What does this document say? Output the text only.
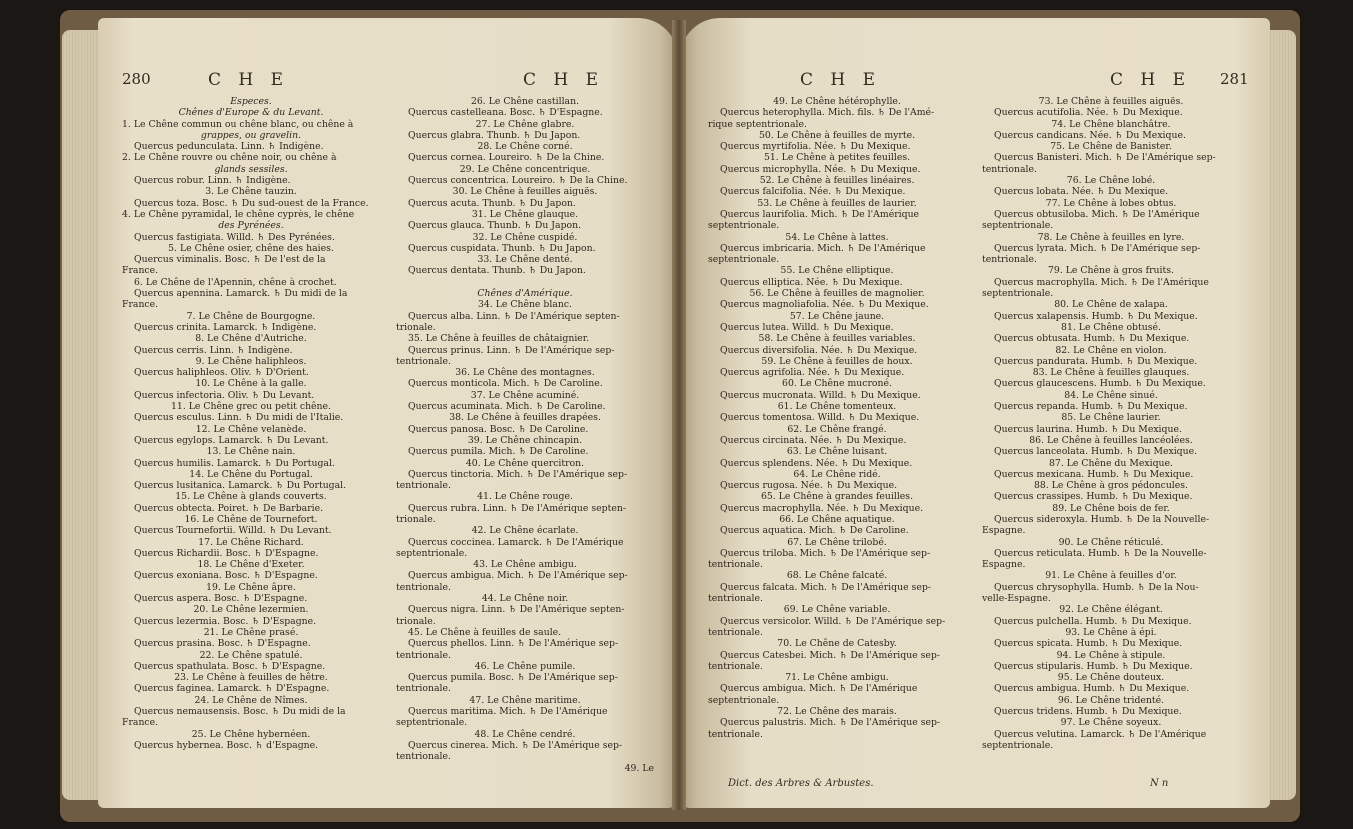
280	C H E	C H E

Especes.

Chênes d'Europe & du Levant.

1. Le Chêne commun ou chêne blanc, ou chêne à

grappes, ou gravelin.

Quercus pedunculata. Linn. ♄ Indigène.

2. Le Chêne rouvre ou chêne noir, ou chêne à

glands sessiles.

Quercus robur. Linn. ♄ Indigène.

3. Le Chêne tauzin.

Quercus toza. Bosc. ♄ Du sud-ouest de la France.

4. Le Chêne pyramidal, le chêne cyprès, le chêne

des Pyrénées.

Quercus fastigiata. Willd. ♄ Des Pyrénées.

5. Le Chêne osier, chêne des haies.

Quercus viminalis. Bosc. ♄ De l'est de la

France.

6. Le Chêne de l'Apennin, chêne à crochet.

Quercus apennina. Lamarck. ♄ Du midi de la

France.

7. Le Chêne de Bourgogne.

Quercus crinita. Lamarck. ♄ Indigène.

8. Le Chêne d'Autriche.

Quercus cerris. Linn. ♄ Indigène.

9. Le Chêne haliphleos.

Quercus haliphleos. Oliv. ♄ D'Orient.

10. Le Chêne à la galle.

Quercus infectoria. Oliv. ♄ Du Levant.

11. Le Chêne grec ou petit chêne.

Quercus esculus. Linn. ♄ Du midi de l'Italie.

12. Le Chêne velanède.

Quercus egylops. Lamarck. ♄ Du Levant.

13. Le Chêne nain.

Quercus humilis. Lamarck. ♄ Du Portugal.

14. Le Chêne du Portugal.

Quercus lusitanica. Lamarck. ♄ Du Portugal.

15. Le Chêne à glands couverts.

Quercus obtecta. Poiret. ♄ De Barbarie.

16. Le Chêne de Tournefort.

Quercus Tournefortii. Willd. ♄ Du Levant.

17. Le Chêne Richard.

Quercus Richardii. Bosc. ♄ D'Espagne.

18. Le Chêne d'Exeter.

Quercus exoniana. Bosc. ♄ D'Espagne.

19. Le Chêne âpre.

Quercus aspera. Bosc. ♄ D'Espagne.

20. Le Chêne lezermien.

Quercus lezermia. Bosc. ♄ D'Espagne.

21. Le Chêne prasé.

Quercus prasina. Bosc. ♄ D'Espagne.

22. Le Chêne spatulé.

Quercus spathulata. Bosc. ♄ D'Espagne.

23. Le Chêne à feuilles de hêtre.

Quercus faginea. Lamarck. ♄ D'Espagne.

24. Le Chêne de Nîmes.

Quercus nemausensis. Bosc. ♄ Du midi de la

France.

25. Le Chêne hybernéen.

Quercus hybernea. Bosc. ♄ d'Espagne.

26. Le Chêne castillan.

Quercus castelleana. Bosc. ♄ D'Espagne.

27. Le Chêne glabre.

Quercus glabra. Thunb. ♄ Du Japon.

28. Le Chêne corné.

Quercus cornea. Loureiro. ♄ De la Chine.

29. Le Chêne concentrique.

Quercus concentrica. Loureiro. ♄ De la Chine.

30. Le Chêne à feuilles aiguës.

Quercus acuta. Thunb. ♄ Du Japon.

31. Le Chêne glauque.

Quercus glauca. Thunb. ♄ Du Japon.

32. Le Chêne cuspidé.

Quercus cuspidata. Thunb. ♄ Du Japon.

33. Le Chêne denté.

Quercus dentata. Thunb. ♄ Du Japon.

Chênes d'Amérique.

34. Le Chêne blanc.

Quercus alba. Linn. ♄ De l'Amérique septen-

trionale.

35. Le Chêne à feuilles de châtaignier.

Quercus prinus. Linn. ♄ De l'Amérique sep-

tentrionale.

36. Le Chêne des montagnes.

Quercus monticola. Mich. ♄ De Caroline.

37. Le Chêne acuminé.

Quercus acuminata. Mich. ♄ De Caroline.

38. Le Chêne à feuilles drapées.

Quercus panosa. Bosc. ♄ De Caroline.

39. Le Chêne chincapin.

Quercus pumila. Mich. ♄ De Caroline.

40. Le Chêne quercitron.

Quercus tinctoria. Mich. ♄ De l'Amérique sep-

tentrionale.

41. Le Chêne rouge.

Quercus rubra. Linn. ♄ De l'Amérique septen-

trionale.

42. Le Chêne écarlate.

Quercus coccinea. Lamarck. ♄ De l'Amérique

septentrionale.

43. Le Chêne ambigu.

Quercus ambigua. Mich. ♄ De l'Amérique sep-

tentrionale.

44. Le Chêne noir.

Quercus nigra. Linn. ♄ De l'Amérique septen-

trionale.

45. Le Chêne à feuilles de saule.

Quercus phellos. Linn. ♄ De l'Amérique sep-

tentrionale.

46. Le Chêne pumile.

Quercus pumila. Bosc. ♄ De l'Amérique sep-

tentrionale.

47. Le Chêne maritime.

Quercus maritima. Mich. ♄ De l'Amérique

septentrionale.

48. Le Chêne cendré.

Quercus cinerea. Mich. ♄ De l'Amérique sep-

tentrionale.

49. Le

C H E	C H E 281

49. Le Chêne hétérophylle.

Quercus heterophylla. Mich. fils. ♄ De l'Amé-

rique septentrionale.

50. Le Chêne à feuilles de myrte.

Quercus myrtifolia. Née. ♄ Du Mexique.

51. Le Chêne à petites feuilles.

Quercus microphylla. Née. ♄ Du Mexique.

52. Le Chêne à feuilles linéaires.

Quercus falcifolia. Née. ♄ Du Mexique.

53. Le Chêne à feuilles de laurier.

Quercus laurifolia. Mich. ♄ De l'Amérique

septentrionale.

54. Le Chêne à lattes.

Quercus imbricaria. Mich. ♄ De l'Amérique

septentrionale.

55. Le Chêne elliptique.

Quercus elliptica. Née. ♄ Du Mexique.

56. Le Chêne à feuilles de magnolier.

Quercus magnoliafolia. Née. ♄ Du Mexique.

57. Le Chêne jaune.

Quercus lutea. Willd. ♄ Du Mexique.

58. Le Chêne à feuilles variables.

Quercus diversifolia. Née. ♄ Du Mexique.

59. Le Chêne à feuilles de houx.

Quercus agrifolia. Née. ♄ Du Mexique.

60. Le Chêne mucroné.

Quercus mucronata. Willd. ♄ Du Mexique.

61. Le Chêne tomenteux.

Quercus tomentosa. Willd. ♄ Du Mexique.

62. Le Chêne frangé.

Quercus circinata. Née. ♄ Du Mexique.

63. Le Chêne luisant.

Quercus splendens. Née. ♄ Du Mexique.

64. Le Chêne ridé.

Quercus rugosa. Née. ♄ Du Mexique.

65. Le Chêne à grandes feuilles.

Quercus macrophylla. Née. ♄ Du Mexique.

66. Le Chêne aquatique.

Quercus aquatica. Mich. ♄ De Caroline.

67. Le Chêne trilobé.

Quercus triloba. Mich. ♄ De l'Amérique sep-

tentrionale.

68. Le Chêne falcaté.

Quercus falcata. Mich. ♄ De l'Amérique sep-

tentrionale.

69. Le Chêne variable.

Quercus versicolor. Willd. ♄ De l'Amérique sep-

tentrionale.

70. Le Chêne de Catesby.

Quercus Catesbei. Mich. ♄ De l'Amérique sep-

tentrionale.

71. Le Chêne ambigu.

Quercus ambigua. Mich. ♄ De l'Amérique

septentrionale.

72. Le Chêne des marais.

Quercus palustris. Mich. ♄ De l'Amérique sep-

tentrionale.

73. Le Chêne à feuilles aiguës.

Quercus acutifolia. Née. ♄ Du Mexique.

74. Le Chêne blanchâtre.

Quercus candicans. Née. ♄ Du Mexique.

75. Le Chêne de Banister.

Quercus Banisteri. Mich. ♄ De l'Amérique sep-

tentrionale.

76. Le Chêne lobé.

Quercus lobata. Née. ♄ Du Mexique.

77. Le Chêne à lobes obtus.

Quercus obtusiloba. Mich. ♄ De l'Amérique

septentrionale.

78. Le Chêne à feuilles en lyre.

Quercus lyrata. Mich. ♄ De l'Amérique sep-

tentrionale.

79. Le Chêne à gros fruits.

Quercus macrophylla. Mich. ♄ De l'Amérique

septentrionale.

80. Le Chêne de xalapa.

Quercus xalapensis. Humb. ♄ Du Mexique.

81. Le Chêne obtusé.

Quercus obtusata. Humb. ♄ Du Mexique.

82. Le Chêne en violon.

Quercus pandurata. Humb. ♄ Du Mexique.

83. Le Chêne à feuilles glauques.

Quercus glaucescens. Humb. ♄ Du Mexique.

84. Le Chêne sinué.

Quercus repanda. Humb. ♄ Du Mexique.

85. Le Chêne laurier.

Quercus laurina. Humb. ♄ Du Mexique.

86. Le Chêne à feuilles lancéolées.

Quercus lanceolata. Humb. ♄ Du Mexique.

87. Le Chêne du Mexique.

Quercus mexicana. Humb. ♄ Du Mexique.

88. Le Chêne à gros pédoncules.

Quercus crassipes. Humb. ♄ Du Mexique.

89. Le Chêne bois de fer.

Quercus sideroxyla. Humb. ♄ De la Nouvelle-

Espagne.

90. Le Chêne réticulé.

Quercus reticulata. Humb. ♄ De la Nouvelle-

Espagne.

91. Le Chêne à feuilles d'or.

Quercus chrysophylla. Humb. ♄ De la Nou-

velle-Espagne.

92. Le Chêne élégant.

Quercus pulchella. Humb. ♄ Du Mexique.

93. Le Chêne à épi.

Quercus spicata. Humb. ♄ Du Mexique.

94. Le Chêne à stipule.

Quercus stipularis. Humb. ♄ Du Mexique.

95. Le Chêne douteux.

Quercus ambigua. Humb. ♄ Du Mexique.

96. Le Chêne tridenté.

Quercus tridens. Humb. ♄ Du Mexique.

97. Le Chêne soyeux.

Quercus velutina. Lamarck. ♄ De l'Amérique

septentrionale.

Dict. des Arbres & Arbustes.	N n
